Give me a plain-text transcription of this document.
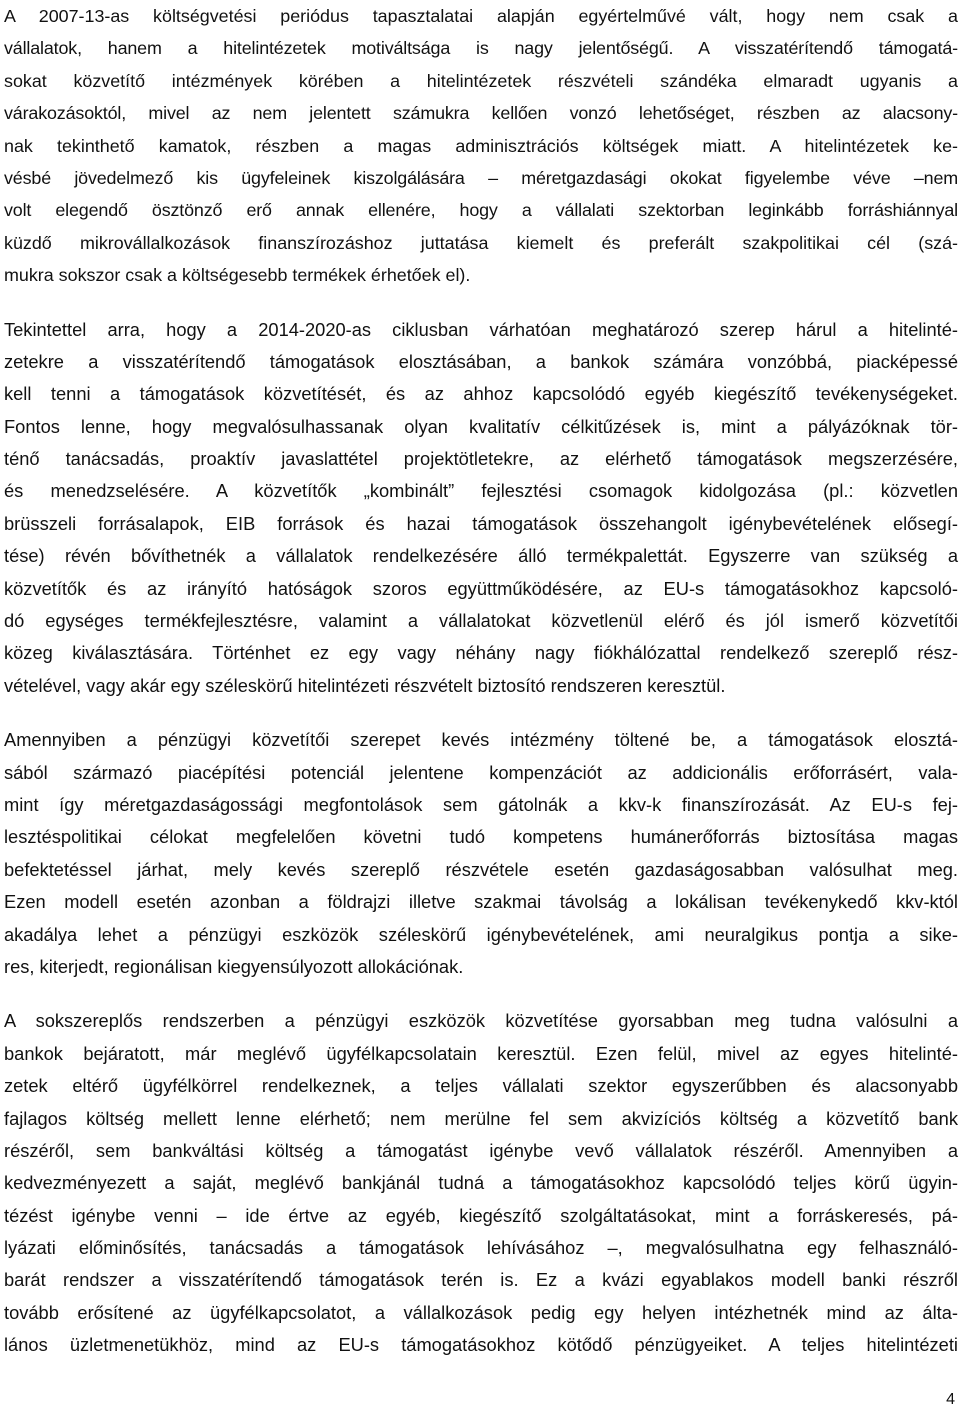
A 2007-13-as költségvetési periódus tapasztalatai alapján egyértelművé vált, hogy nem csak a
vállalatok, hanem a hitelintézetek motiváltsága is nagy jelentőségű. A visszatérítendő támogatá-
sokat közvetítő intézmények körében a hitelintézetek részvételi szándéka elmaradt ugyanis a
várakozásoktól, mivel az nem jelentett számukra kellően vonzó lehetőséget, részben az alacsony-
nak tekinthető kamatok, részben a magas adminisztrációs költségek miatt. A hitelintézetek ke-
vésbé jövedelmező kis ügyfeleinek kiszolgálására – méretgazdasági okokat figyelembe véve –nem
volt elegendő ösztönző erő annak ellenére, hogy a vállalati szektorban leginkább forráshiánnyal
küzdő mikrovállalkozások finanszírozáshoz juttatása kiemelt és preferált szakpolitikai cél (szá-
mukra sokszor csak a költségesebb termékek érhetőek el).
Tekintettel arra, hogy a 2014-2020-as ciklusban várhatóan meghatározó szerep hárul a hitelinté-
zetekre a visszatérítendő támogatások elosztásában, a bankok számára vonzóbbá, piacképessé
kell tenni a támogatások közvetítését, és az ahhoz kapcsolódó egyéb kiegészítő tevékenységeket.
Fontos lenne, hogy megvalósulhassanak olyan kvalitatív célkitűzések is, mint a pályázóknak tör-
ténő tanácsadás, proaktív javaslattétel projektötletekre, az elérhető támogatások megszerzésére,
és menedzselésére. A közvetítők „kombinált” fejlesztési csomagok kidolgozása (pl.: közvetlen
brüsszeli forrásalapok, EIB források és hazai támogatások összehangolt igénybevételének elősegí-
tése) révén bővíthetnék a vállalatok rendelkezésére álló termékpalettát. Egyszerre van szükség a
közvetítők és az irányító hatóságok szoros együttműködésére, az EU-s támogatásokhoz kapcsoló-
dó egységes termékfejlesztésre, valamint a vállalatokat közvetlenül elérő és jól ismerő közvetítői
közeg kiválasztására. Történhet ez egy vagy néhány nagy fiókhálózattal rendelkező szereplő rész-
vételével, vagy akár egy széleskörű hitelintézeti részvételt biztosító rendszeren keresztül.
Amennyiben a pénzügyi közvetítői szerepet kevés intézmény töltené be, a támogatások elosztá-
sából származó piacépítési potenciál jelentene kompenzációt az addicionális erőforrásért, vala-
mint így méretgazdaságossági megfontolások sem gátolnák a kkv-k finanszírozását. Az EU-s fej-
lesztéspolitikai célokat megfelelően követni tudó kompetens humánerőforrás biztosítása magas
befektetéssel járhat, mely kevés szereplő részvétele esetén gazdaságosabban valósulhat meg.
Ezen modell esetén azonban a földrajzi illetve szakmai távolság a lokálisan tevékenykedő kkv-któl
akadálya lehet a pénzügyi eszközök széleskörű igénybevételének, ami neuralgikus pontja a sike-
res, kiterjedt, regionálisan kiegyensúlyozott allokációnak.
A sokszereplős rendszerben a pénzügyi eszközök közvetítése gyorsabban meg tudna valósulni a
bankok bejáratott, már meglévő ügyfélkapcsolatain keresztül. Ezen felül, mivel az egyes hitelinté-
zetek eltérő ügyfélkörrel rendelkeznek, a teljes vállalati szektor egyszerűbben és alacsonyabb
fajlagos költség mellett lenne elérhető; nem merülne fel sem akvizíciós költség a közvetítő bank
részéről, sem bankváltási költség a támogatást igénybe vevő vállalatok részéről. Amennyiben a
kedvezményezett a saját, meglévő bankjánál tudná a támogatásokhoz kapcsolódó teljes körű ügyin-
tézést igénybe venni – ide értve az egyéb, kiegészítő szolgáltatásokat, mint a forráskeresés, pá-
lyázati előminősítés, tanácsadás a támogatások lehívásához –, megvalósulhatna egy felhasználó-
barát rendszer a visszatérítendő támogatások terén is. Ez a kvázi egyablakos modell banki részről
tovább erősítené az ügyfélkapcsolatot, a vállalkozások pedig egy helyen intézhetnék mind az álta-
lános üzletmenetükhöz, mind az EU-s támogatásokhoz kötődő pénzügyeiket. A teljes hitelintézeti
4
